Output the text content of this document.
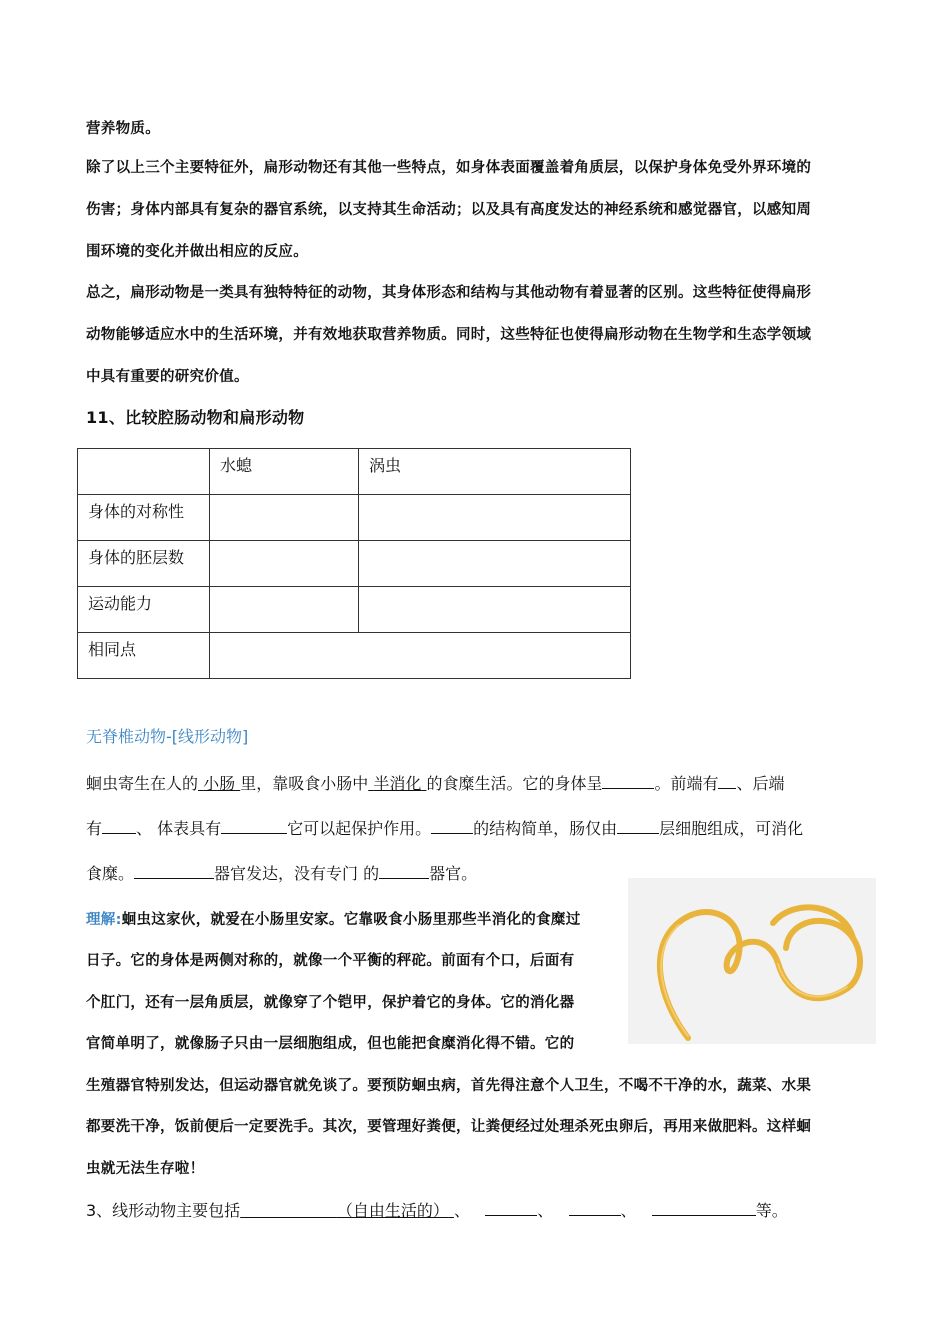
营养物质。
除了以上三个主要特征外，扁形动物还有其他一些特点，如身体表面覆盖着角质层，以保护身体免受外界环境的
伤害；身体内部具有复杂的器官系统，以支持其生命活动；以及具有高度发达的神经系统和感觉器官，以感知周
围环境的变化并做出相应的反应。
总之，扁形动物是一类具有独特特征的动物，其身体形态和结构与其他动物有着显著的区别。这些特征使得扁形
动物能够适应水中的生活环境，并有效地获取营养物质。同时，这些特征也使得扁形动物在生物学和生态学领域
中具有重要的研究价值。
11、比较腔肠动物和扁形动物
	水螅	涡虫
身体的对称性		
身体的胚层数		
运动能力		
相同点		
无脊椎动物-[线形动物]
蛔虫寄生在人的 小肠 里，靠吸食小肠中 半消化 的食糜生活。它的身体呈	。前端有 、后端
有 、 体表具有	它可以起保护作用。	的结构简单，肠仅由	层细胞组成，可消化
食糜。	器官发达，没有专门 的	器官。
理解:蛔虫这家伙，就爱在小肠里安家。它靠吸食小肠里那些半消化的食糜过
日子。它的身体是两侧对称的，就像一个平衡的秤砣。前面有个口，后面有
个肛门，还有一层角质层，就像穿了个铠甲，保护着它的身体。它的消化器
官简单明了，就像肠子只由一层细胞组成，但也能把食糜消化得不错。它的
生殖器官特别发达，但运动器官就免谈了。要预防蛔虫病，首先得注意个人卫生，不喝不干净的水，蔬菜、水果
都要洗干净，饭前便后一定要洗手。其次，要管理好粪便，让粪便经过处理杀死虫卵后，再用来做肥料。这样蛔
虫就无法生存啦！
3、线形动物主要包括	（自由生活的） 、	、	、	等。
